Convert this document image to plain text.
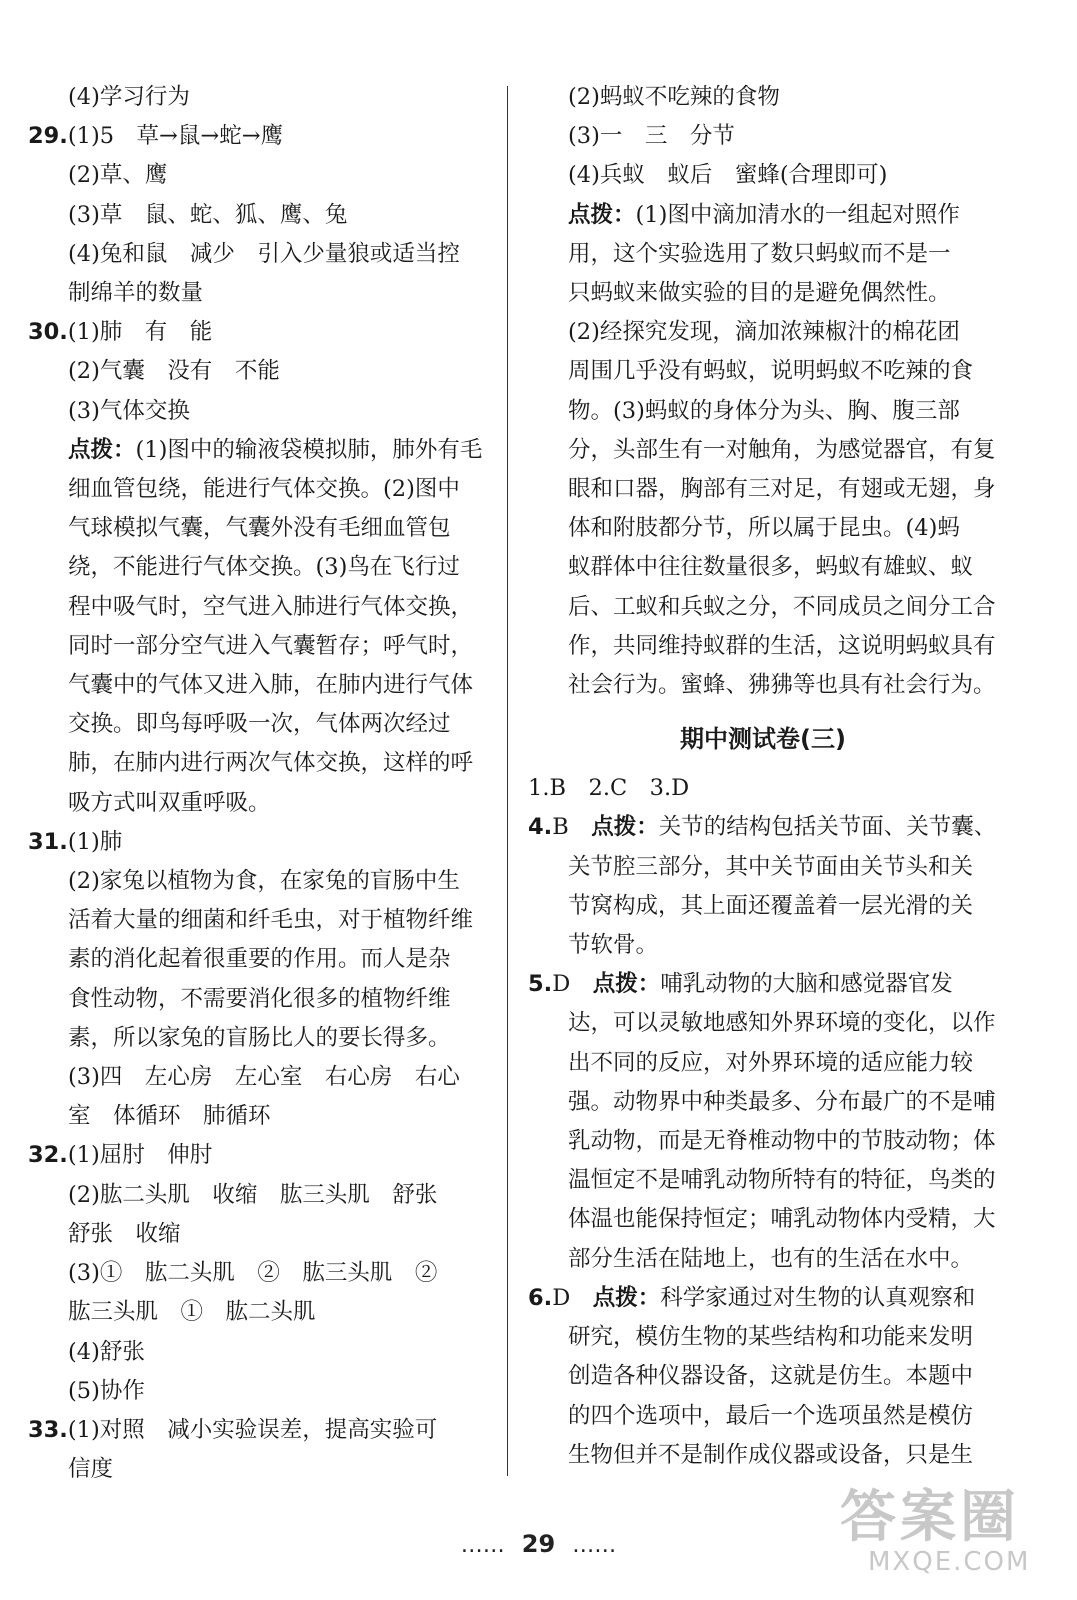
(4)学习行为
29.(1)5　草→鼠→蛇→鹰
(2)草、鹰
(3)草　鼠、蛇、狐、鹰、兔
(4)兔和鼠　减少　引入少量狼或适当控
制绵羊的数量
30.(1)肺　有　能
(2)气囊　没有　不能
(3)气体交换
点拨：(1)图中的输液袋模拟肺，肺外有毛
细血管包绕，能进行气体交换。(2)图中
气球模拟气囊，气囊外没有毛细血管包
绕，不能进行气体交换。(3)鸟在飞行过
程中吸气时，空气进入肺进行气体交换，
同时一部分空气进入气囊暂存；呼气时，
气囊中的气体又进入肺，在肺内进行气体
交换。即鸟每呼吸一次，气体两次经过
肺，在肺内进行两次气体交换，这样的呼
吸方式叫双重呼吸。
31.(1)肺
(2)家兔以植物为食，在家兔的盲肠中生
活着大量的细菌和纤毛虫，对于植物纤维
素的消化起着很重要的作用。而人是杂
食性动物，不需要消化很多的植物纤维
素，所以家兔的盲肠比人的要长得多。
(3)四　左心房　左心室　右心房　右心
室　体循环　肺循环
32.(1)屈肘　伸肘
(2)肱二头肌　收缩　肱三头肌　舒张
舒张　收缩
(3)①　肱二头肌　②　肱三头肌　②
肱三头肌　①　肱二头肌
(4)舒张
(5)协作
33.(1)对照　减小实验误差，提高实验可
信度
(2)蚂蚁不吃辣的食物
(3)一　三　分节
(4)兵蚁　蚁后　蜜蜂(合理即可)
点拨：(1)图中滴加清水的一组起对照作
用，这个实验选用了数只蚂蚁而不是一
只蚂蚁来做实验的目的是避免偶然性。
(2)经探究发现，滴加浓辣椒汁的棉花团
周围几乎没有蚂蚁，说明蚂蚁不吃辣的食
物。(3)蚂蚁的身体分为头、胸、腹三部
分，头部生有一对触角，为感觉器官，有复
眼和口器，胸部有三对足，有翅或无翅，身
体和附肢都分节，所以属于昆虫。(4)蚂
蚁群体中往往数量很多，蚂蚁有雄蚁、蚁
后、工蚁和兵蚁之分，不同成员之间分工合
作，共同维持蚁群的生活，这说明蚂蚁具有
社会行为。蜜蜂、狒狒等也具有社会行为。
期中测试卷(三)
1.B　2.C　3.D
4.B　点拨：关节的结构包括关节面、关节囊、
关节腔三部分，其中关节面由关节头和关
节窝构成，其上面还覆盖着一层光滑的关
节软骨。
5.D　点拨：哺乳动物的大脑和感觉器官发
达，可以灵敏地感知外界环境的变化，以作
出不同的反应，对外界环境的适应能力较
强。动物界中种类最多、分布最广的不是哺
乳动物，而是无脊椎动物中的节肢动物；体
温恒定不是哺乳动物所特有的特征，鸟类的
体温也能保持恒定；哺乳动物体内受精，大
部分生活在陆地上，也有的生活在水中。
6.D　点拨：科学家通过对生物的认真观察和
研究，模仿生物的某些结构和功能来发明
创造各种仪器设备，这就是仿生。本题中
的四个选项中，最后一个选项虽然是模仿
生物但并不是制作成仪器或设备，只是生
…… 29 ……	答案圈
MXQE.COM
